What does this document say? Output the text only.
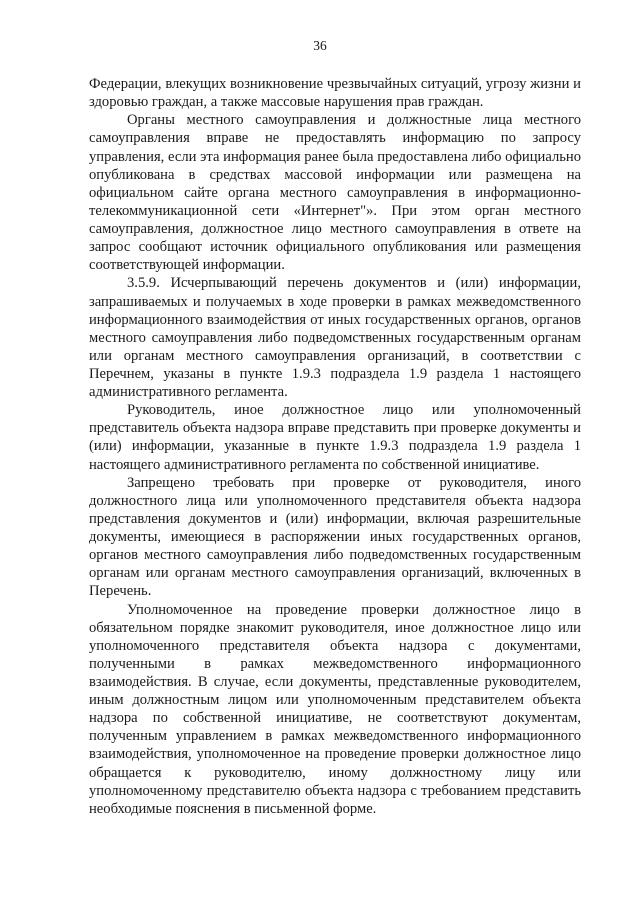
36

Федерации, влекущих возникновение чрезвычайных ситуаций, угрозу жизни и здоровью граждан, а также массовые нарушения прав граждан.

Органы местного самоуправления и должностные лица местного самоуправления вправе не предоставлять информацию по запросу управления, если эта информация ранее была предоставлена либо официально опубликована в средствах массовой информации или размещена на официальном сайте органа местного самоуправления в информационно-телекоммуникационной сети «Интернет"». При этом орган местного самоуправления, должностное лицо местного самоуправления в ответе на запрос сообщают источник официального опубликования или размещения соответствующей информации.

3.5.9. Исчерпывающий перечень документов и (или) информации, запрашиваемых и получаемых в ходе проверки в рамках межведомственного информационного взаимодействия от иных государственных органов, органов местного самоуправления либо подведомственных государственным органам или органам местного самоуправления организаций, в соответствии с Перечнем, указаны в пункте 1.9.3 подраздела 1.9 раздела 1 настоящего административного регламента.

Руководитель, иное должностное лицо или уполномоченный представитель объекта надзора вправе представить при проверке документы и (или) информации, указанные в пункте 1.9.3 подраздела 1.9 раздела 1 настоящего административного регламента по собственной инициативе.

Запрещено требовать при проверке от руководителя, иного должностного лица или уполномоченного представителя объекта надзора представления документов и (или) информации, включая разрешительные документы, имеющиеся в распоряжении иных государственных органов, органов местного самоуправления либо подведомственных государственным органам или органам местного самоуправления организаций, включенных в Перечень.

Уполномоченное на проведение проверки должностное лицо в обязательном порядке знакомит руководителя, иное должностное лицо или уполномоченного представителя объекта надзора с документами, полученными в рамках межведомственного информационного взаимодействия. В случае, если документы, представленные руководителем, иным должностным лицом или уполномоченным представителем объекта надзора по собственной инициативе, не соответствуют документам, полученным управлением в рамках межведомственного информационного взаимодействия, уполномоченное на проведение проверки должностное лицо обращается к руководителю, иному должностному лицу или уполномоченному представителю объекта надзора с требованием представить необходимые пояснения в письменной форме.
